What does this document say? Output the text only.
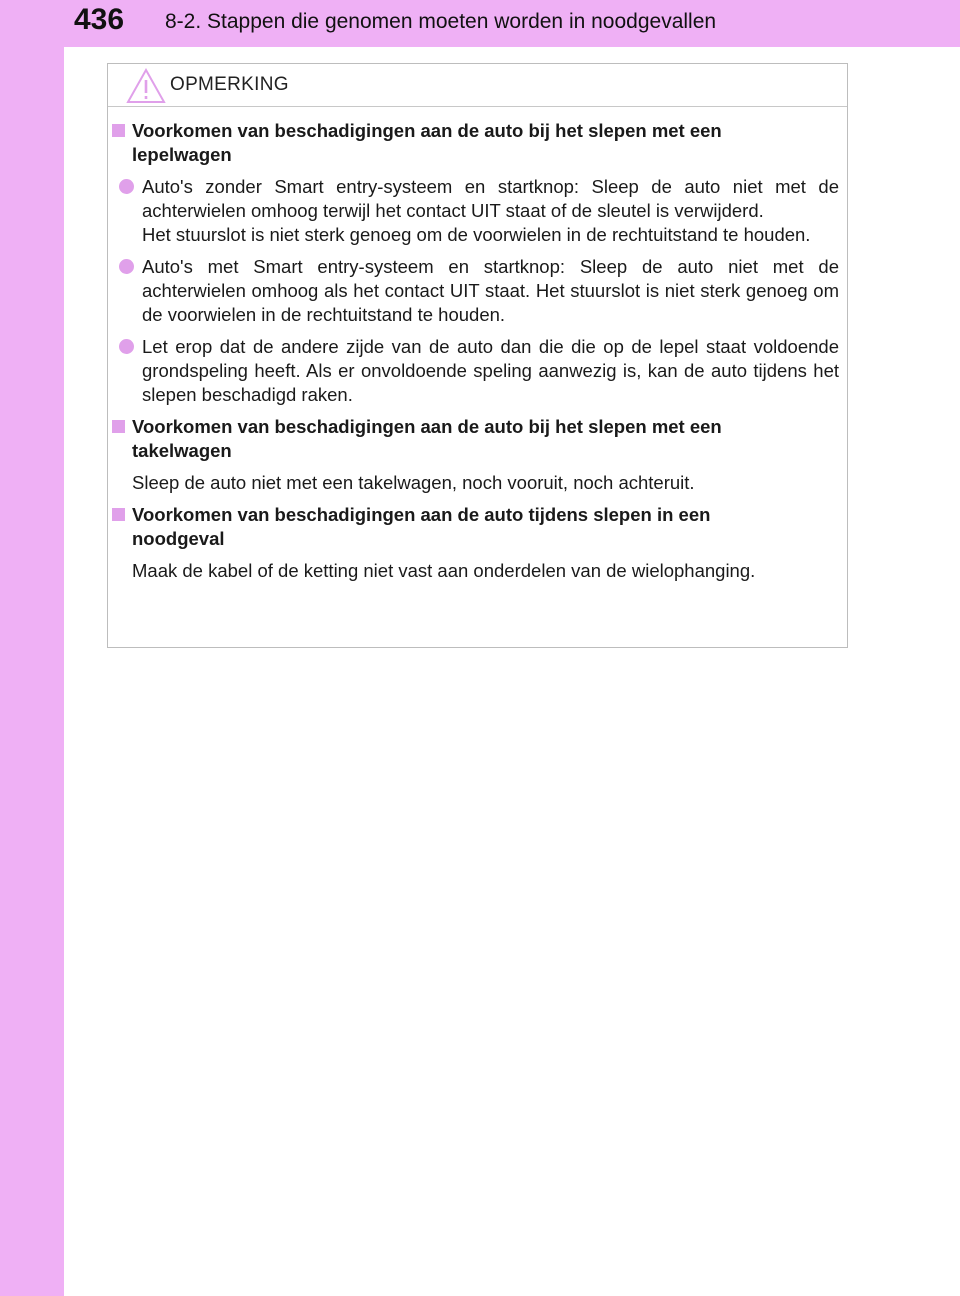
436 8-2. Stappen die genomen moeten worden in noodgevallen
OPMERKING
Voorkomen van beschadigingen aan de auto bij het slepen met een lepelwagen
Auto's zonder Smart entry-systeem en startknop: Sleep de auto niet met de achterwielen omhoog terwijl het contact UIT staat of de sleutel is verwijderd.
Het stuurslot is niet sterk genoeg om de voorwielen in de rechtuitstand te houden.
Auto's met Smart entry-systeem en startknop: Sleep de auto niet met de achterwielen omhoog als het contact UIT staat. Het stuurslot is niet sterk genoeg om de voorwielen in de rechtuitstand te houden.
Let erop dat de andere zijde van de auto dan die die op de lepel staat voldoende grondspeling heeft. Als er onvoldoende speling aanwezig is, kan de auto tijdens het slepen beschadigd raken.
Voorkomen van beschadigingen aan de auto bij het slepen met een takelwagen
Sleep de auto niet met een takelwagen, noch vooruit, noch achteruit.
Voorkomen van beschadigingen aan de auto tijdens slepen in een noodgeval
Maak de kabel of de ketting niet vast aan onderdelen van de wielophanging.
